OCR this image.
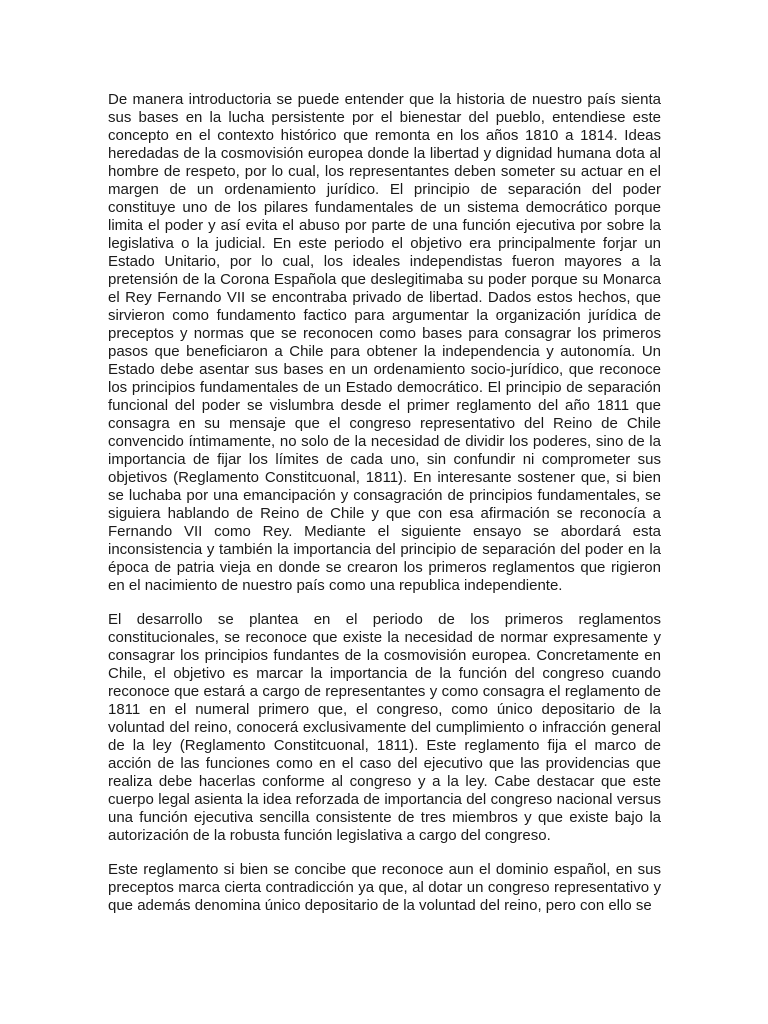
De manera introductoria se puede entender que la historia de nuestro país sienta sus bases en la lucha persistente por el bienestar del pueblo, entendiese este concepto en el contexto histórico que remonta en los años 1810 a 1814. Ideas heredadas de la cosmovisión europea donde la libertad y dignidad humana dota al hombre de respeto, por lo cual, los representantes deben someter su actuar en el margen de un ordenamiento jurídico. El principio de separación del poder constituye uno de los pilares fundamentales de un sistema democrático porque limita el poder y así evita el abuso por parte de una función ejecutiva por sobre la legislativa o la judicial. En este periodo el objetivo era principalmente forjar un Estado Unitario, por lo cual, los ideales independistas fueron mayores a la pretensión de la Corona Española que deslegitimaba su poder porque su Monarca el Rey Fernando VII se encontraba privado de libertad. Dados estos hechos, que sirvieron como fundamento factico para argumentar la organización jurídica de preceptos y normas que se reconocen como bases para consagrar los primeros pasos que beneficiaron a Chile para obtener la independencia y autonomía. Un Estado debe asentar sus bases en un ordenamiento socio-jurídico, que reconoce los principios fundamentales de un Estado democrático. El principio de separación funcional del poder se vislumbra desde el primer reglamento del año 1811 que consagra en su mensaje que el congreso representativo del Reino de Chile convencido íntimamente, no solo de la necesidad de dividir los poderes, sino de la importancia de fijar los límites de cada uno, sin confundir ni comprometer sus objetivos (Reglamento Constitcuonal, 1811). En interesante sostener que, si bien se luchaba por una emancipación y consagración de principios fundamentales, se siguiera hablando de Reino de Chile y que con esa afirmación se reconocía a Fernando VII como Rey. Mediante el siguiente ensayo se abordará esta inconsistencia y también la importancia del principio de separación del poder en la época de patria vieja en donde se crearon los primeros reglamentos que rigieron en el nacimiento de nuestro país como una republica independiente.

El desarrollo se plantea en el periodo de los primeros reglamentos constitucionales, se reconoce que existe la necesidad de normar expresamente y consagrar los principios fundantes de la cosmovisión europea. Concretamente en Chile, el objetivo es marcar la importancia de la función del congreso cuando reconoce que estará a cargo de representantes y como consagra el reglamento de 1811 en el numeral primero que, el congreso, como único depositario de la voluntad del reino, conocerá exclusivamente del cumplimiento o infracción general de la ley (Reglamento Constitcuonal, 1811). Este reglamento fija el marco de acción de las funciones como en el caso del ejecutivo que las providencias que realiza debe hacerlas conforme al congreso y a la ley. Cabe destacar que este cuerpo legal asienta la idea reforzada de importancia del congreso nacional versus una función ejecutiva sencilla consistente de tres miembros y que existe bajo la autorización de la robusta función legislativa a cargo del congreso.

Este reglamento si bien se concibe que reconoce aun el dominio español, en sus preceptos marca cierta contradicción ya que, al dotar un congreso representativo y que además denomina único depositario de la voluntad del reino, pero con ello se
